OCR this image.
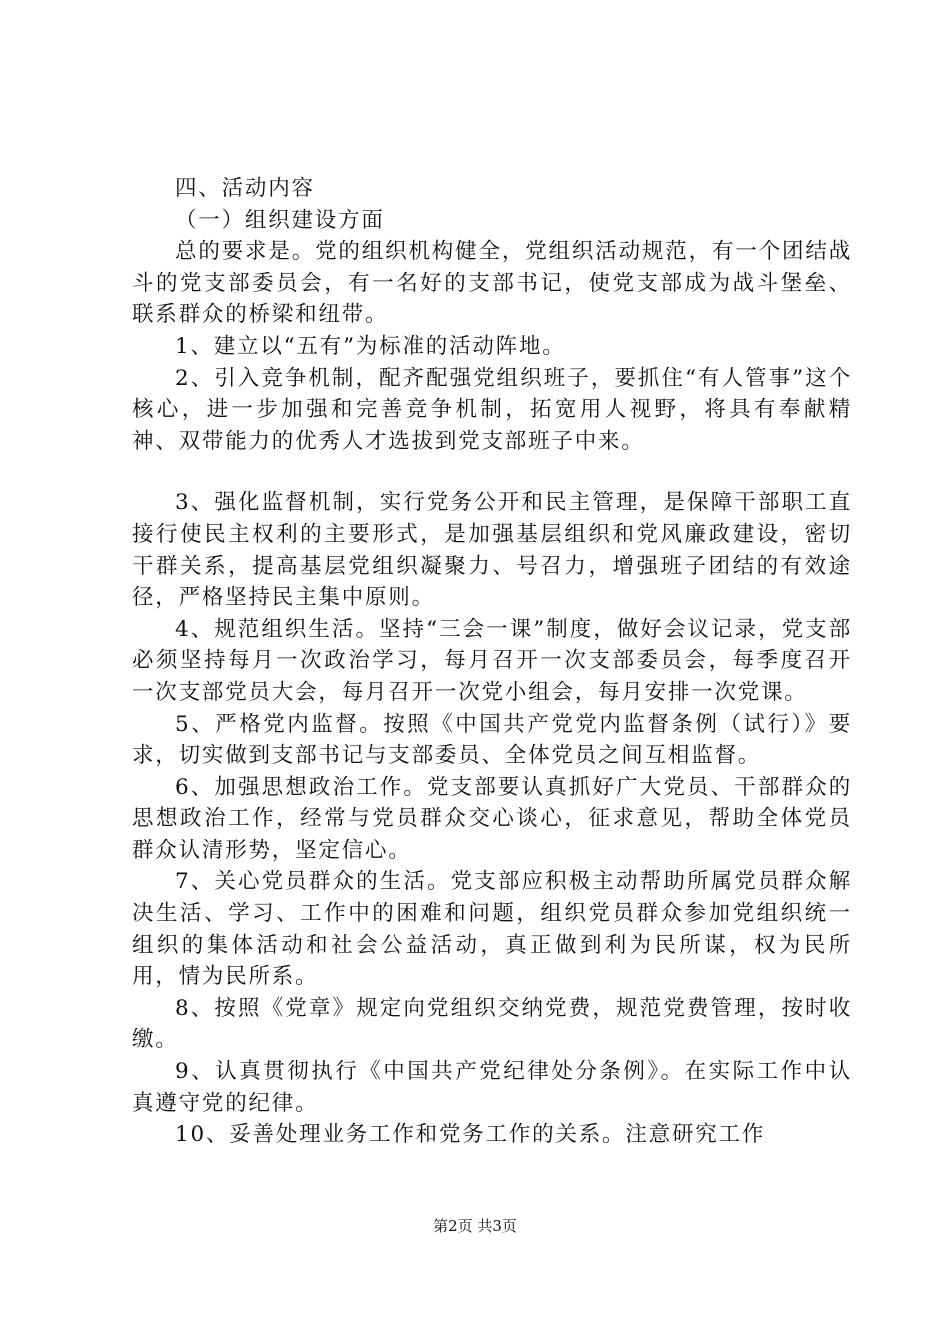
四、活动内容

（一）组织建设方面

总的要求是。党的组织机构健全，党组织活动规范，有一个团结战斗的党支部委员会，有一名好的支部书记，使党支部成为战斗堡垒、联系群众的桥梁和纽带。

1、建立以“五有”为标准的活动阵地。

2、引入竞争机制，配齐配强党组织班子，要抓住“有人管事”这个核心，进一步加强和完善竞争机制，拓宽用人视野，将具有奉献精神、双带能力的优秀人才选拔到党支部班子中来。

3、强化监督机制，实行党务公开和民主管理，是保障干部职工直接行使民主权利的主要形式，是加强基层组织和党风廉政建设，密切干群关系，提高基层党组织凝聚力、号召力，增强班子团结的有效途径，严格坚持民主集中原则。

4、规范组织生活。坚持“三会一课”制度，做好会议记录，党支部必须坚持每月一次政治学习，每月召开一次支部委员会，每季度召开一次支部党员大会，每月召开一次党小组会，每月安排一次党课。

5、严格党内监督。按照《中国共产党党内监督条例（试行）》要求，切实做到支部书记与支部委员、全体党员之间互相监督。

6、加强思想政治工作。党支部要认真抓好广大党员、干部群众的思想政治工作，经常与党员群众交心谈心，征求意见，帮助全体党员群众认清形势，坚定信心。

7、关心党员群众的生活。党支部应积极主动帮助所属党员群众解决生活、学习、工作中的困难和问题，组织党员群众参加党组织统一组织的集体活动和社会公益活动，真正做到利为民所谋，权为民所用，情为民所系。

8、按照《党章》规定向党组织交纳党费，规范党费管理，按时收缴。

9、认真贯彻执行《中国共产党纪律处分条例》。在实际工作中认真遵守党的纪律。

10、妥善处理业务工作和党务工作的关系。注意研究工作

第2页 共3页
